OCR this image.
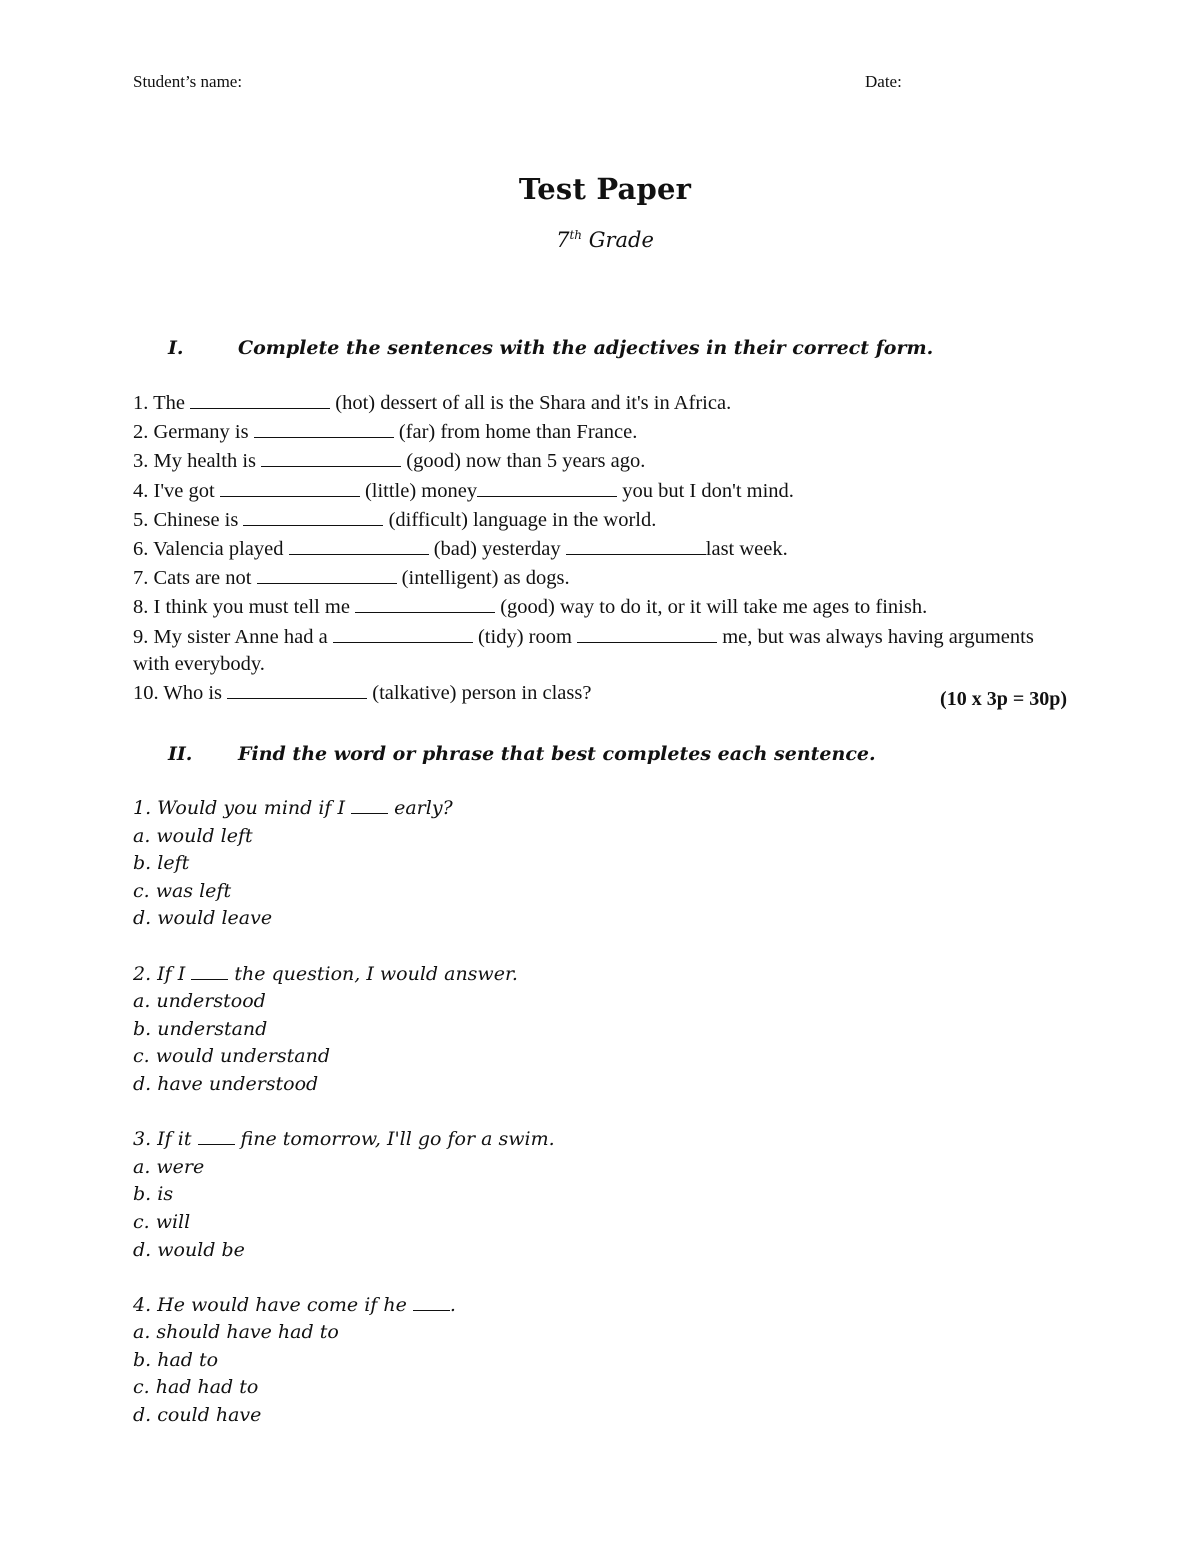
Student’s name:	Date:
Test Paper
7th Grade
I.	Complete the sentences with the adjectives in their correct form.
1. The	(hot) dessert of all is the Shara and it's in Africa.
2. Germany is	(far) from home than France.
3. My health is	(good) now than 5 years ago.
4. I've got	(little) money	you but I don't mind.
5. Chinese is	(difficult) language in the world.
6. Valencia played	(bad) yesterday	last week.
7. Cats are not	(intelligent) as dogs.
8. I think you must tell me	(good) way to do it, or it will take me ages to finish.
9. My sister Anne had a	(tidy) room	me, but was always having arguments with everybody.
10. Who is	(talkative) person in class?	(10 x 3p = 30p)
II. Find the word or phrase that best completes each sentence.
1. Would you mind if I  early?
a. would left
b. left
c. was left
d. would leave
2. If I  the question, I would answer.
a. understood
b. understand
c. would understand
d. have understood
3. If it  fine tomorrow, I'll go for a swim.
a. were
b. is
c. will
d. would be
4. He would have come if he .
a. should have had to
b. had to
c. had had to
d. could have
